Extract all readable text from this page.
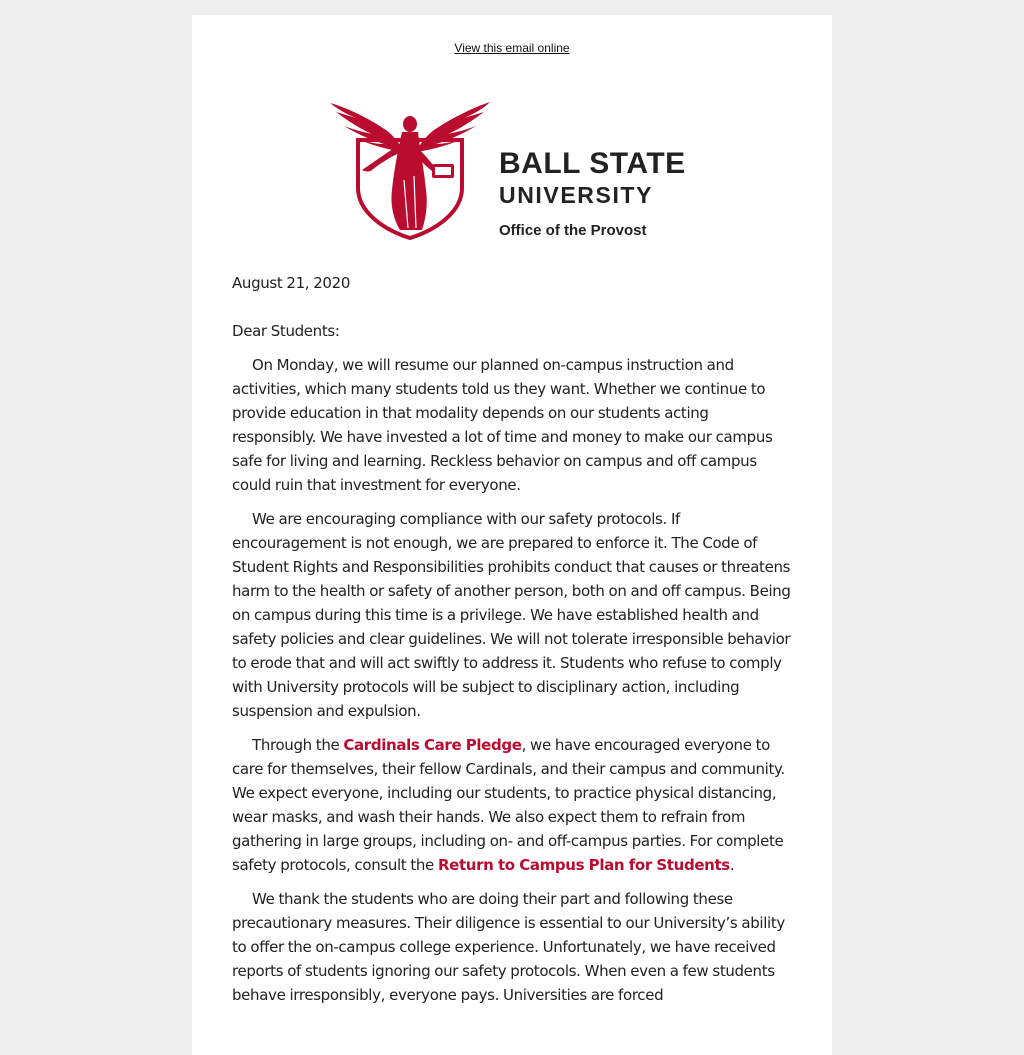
View this email online
BALL STATE
UNIVERSITY
Office of the Provost

August 21, 2020

Dear Students:

On Monday, we will resume our planned on-campus instruction and activities, which many students told us they want. Whether we continue to provide education in that modality depends on our students acting responsibly. We have invested a lot of time and money to make our campus safe for living and learning. Reckless behavior on campus and off campus could ruin that investment for everyone.

We are encouraging compliance with our safety protocols. If encouragement is not enough, we are prepared to enforce it. The Code of Student Rights and Responsibilities prohibits conduct that causes or threatens harm to the health or safety of another person, both on and off campus. Being on campus during this time is a privilege. We have established health and safety policies and clear guidelines. We will not tolerate irresponsible behavior to erode that and will act swiftly to address it. Students who refuse to comply with University protocols will be subject to disciplinary action, including suspension and expulsion.

Through the Cardinals Care Pledge, we have encouraged everyone to care for themselves, their fellow Cardinals, and their campus and community. We expect everyone, including our students, to practice physical distancing, wear masks, and wash their hands. We also expect them to refrain from gathering in large groups, including on- and off-campus parties. For complete safety protocols, consult the Return to Campus Plan for Students.

We thank the students who are doing their part and following these precautionary measures. Their diligence is essential to our University’s ability to offer the on-campus college experience. Unfortunately, we have received reports of students ignoring our safety protocols. When even a few students behave irresponsibly, everyone pays. Universities are forced
